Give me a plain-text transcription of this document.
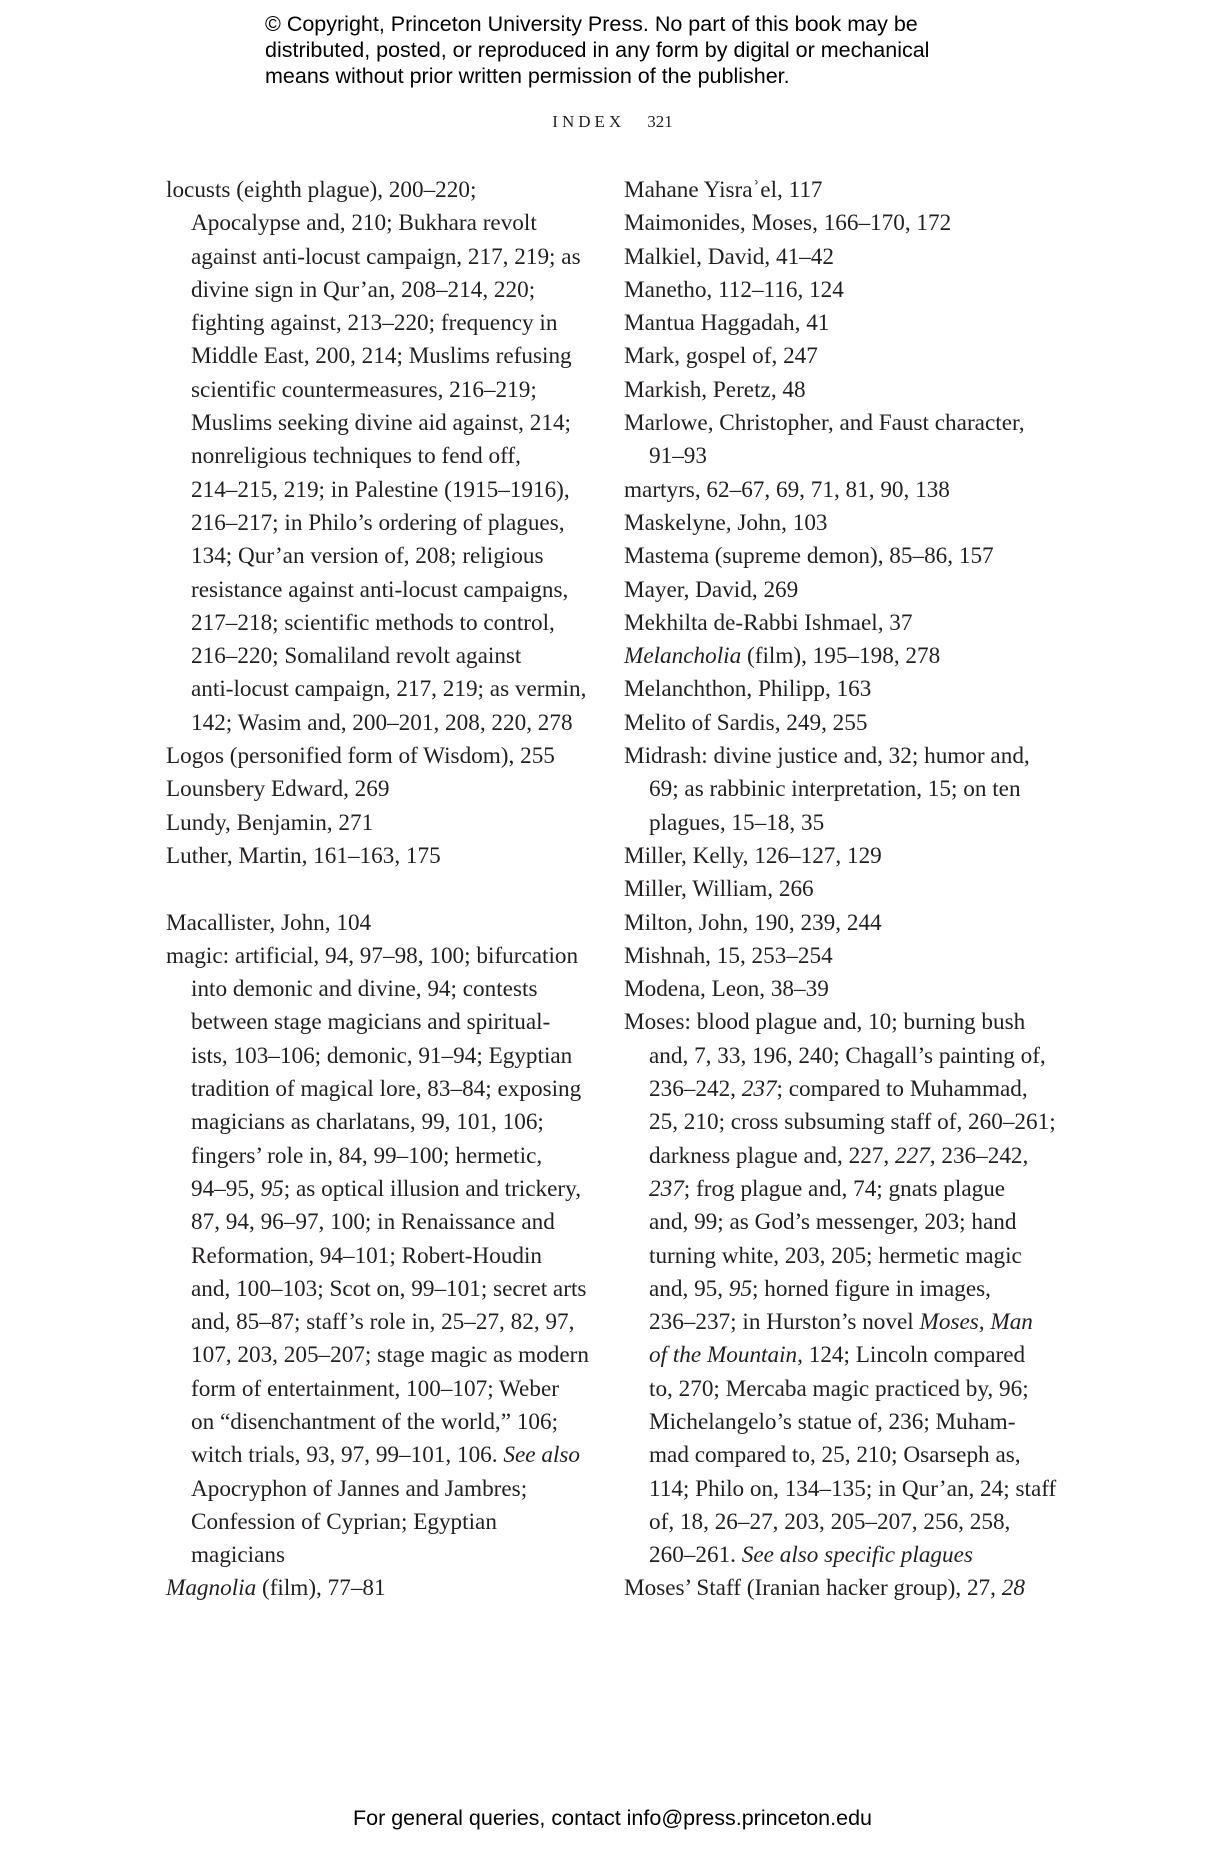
© Copyright, Princeton University Press. No part of this book may be
distributed, posted, or reproduced in any form by digital or mechanical
means without prior written permission of the publisher.
INDEX 321
locusts (eighth plague), 200–220;
Apocalypse and, 210; Bukhara revolt
against anti-locust campaign, 217, 219; as
divine sign in Qur’an, 208–214, 220;
fighting against, 213–220; frequency in
Middle East, 200, 214; Muslims refusing
scientific countermeasures, 216–219;
Muslims seeking divine aid against, 214;
nonreligious techniques to fend off,
214–215, 219; in Palestine (1915–1916),
216–217; in Philo’s ordering of plagues,
134; Qur’an version of, 208; religious
resistance against anti-locust campaigns,
217–218; scientific methods to control,
216–220; Somaliland revolt against
anti-locust campaign, 217, 219; as vermin,
142; Wasim and, 200–201, 208, 220, 278
Logos (personified form of Wisdom), 255
Lounsbery Edward, 269
Lundy, Benjamin, 271
Luther, Martin, 161–163, 175
Macallister, John, 104
magic: artificial, 94, 97–98, 100; bifurcation
into demonic and divine, 94; contests
between stage magicians and spiritual-
ists, 103–106; demonic, 91–94; Egyptian
tradition of magical lore, 83–84; exposing
magicians as charlatans, 99, 101, 106;
fingers’ role in, 84, 99–100; hermetic,
94–95, 95; as optical illusion and trickery,
87, 94, 96–97, 100; in Renaissance and
Reformation, 94–101; Robert-Houdin
and, 100–103; Scot on, 99–101; secret arts
and, 85–87; staff’s role in, 25–27, 82, 97,
107, 203, 205–207; stage magic as modern
form of entertainment, 100–107; Weber
on “disenchantment of the world,” 106;
witch trials, 93, 97, 99–101, 106. See also
Apocryphon of Jannes and Jambres;
Confession of Cyprian; Egyptian
magicians
Magnolia (film), 77–81
Mahane Yisraʾel, 117
Maimonides, Moses, 166–170, 172
Malkiel, David, 41–42
Manetho, 112–116, 124
Mantua Haggadah, 41
Mark, gospel of, 247
Markish, Peretz, 48
Marlowe, Christopher, and Faust character,
91–93
martyrs, 62–67, 69, 71, 81, 90, 138
Maskelyne, John, 103
Mastema (supreme demon), 85–86, 157
Mayer, David, 269
Mekhilta de-Rabbi Ishmael, 37
Melancholia (film), 195–198, 278
Melanchthon, Philipp, 163
Melito of Sardis, 249, 255
Midrash: divine justice and, 32; humor and,
69; as rabbinic interpretation, 15; on ten
plagues, 15–18, 35
Miller, Kelly, 126–127, 129
Miller, William, 266
Milton, John, 190, 239, 244
Mishnah, 15, 253–254
Modena, Leon, 38–39
Moses: blood plague and, 10; burning bush
and, 7, 33, 196, 240; Chagall’s painting of,
236–242, 237; compared to Muhammad,
25, 210; cross subsuming staff of, 260–261;
darkness plague and, 227, 227, 236–242,
237; frog plague and, 74; gnats plague
and, 99; as God’s messenger, 203; hand
turning white, 203, 205; hermetic magic
and, 95, 95; horned figure in images,
236–237; in Hurston’s novel Moses, Man
of the Mountain, 124; Lincoln compared
to, 270; Mercaba magic practiced by, 96;
Michelangelo’s statue of, 236; Muham-
mad compared to, 25, 210; Osarseph as,
114; Philo on, 134–135; in Qur’an, 24; staff
of, 18, 26–27, 203, 205–207, 256, 258,
260–261. See also specific plagues
Moses’ Staff (Iranian hacker group), 27, 28
For general queries, contact info@press.princeton.edu
